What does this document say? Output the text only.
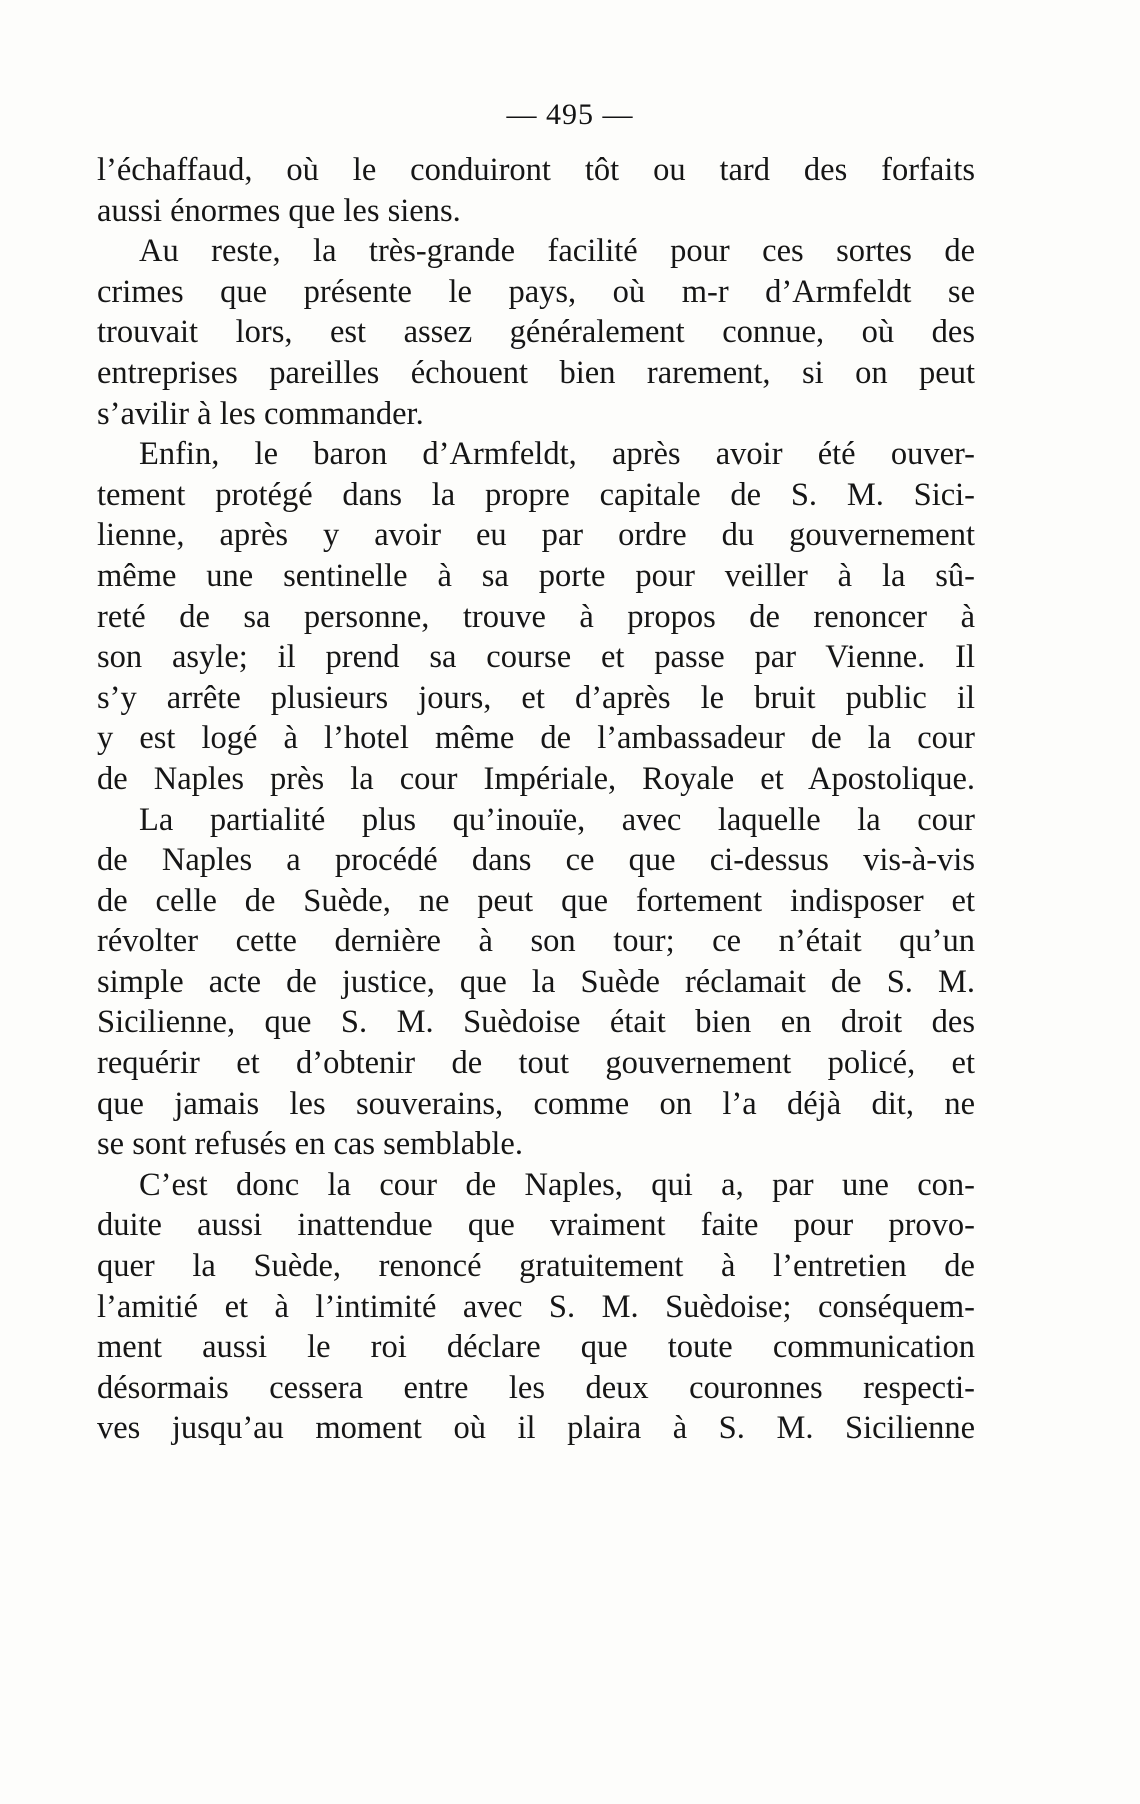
— 495 —
l’échaffaud, où le conduiront tôt ou tard des forfaits
aussi énormes que les siens.
Au reste, la très-grande facilité pour ces sortes de
crimes que présente le pays, où m-r d’Armfeldt se
trouvait lors, est assez généralement connue, où des
entreprises pareilles échouent bien rarement, si on peut
s’avilir à les commander.
Enfin, le baron d’Armfeldt, après avoir été ouver-
tement protégé dans la propre capitale de S. M. Sici-
lienne, après y avoir eu par ordre du gouvernement
même une sentinelle à sa porte pour veiller à la sû-
reté de sa personne, trouve à propos de renoncer à
son asyle; il prend sa course et passe par Vienne. Il
s’y arrête plusieurs jours, et d’après le bruit public il
y est logé à l’hotel même de l’ambassadeur de la cour
de Naples près la cour Impériale, Royale et Apostolique.
La partialité plus qu’inouïe, avec laquelle la cour
de Naples a procédé dans ce que ci-dessus vis-à-vis
de celle de Suède, ne peut que fortement indisposer et
révolter cette dernière à son tour; ce n’était qu’un
simple acte de justice, que la Suède réclamait de S. M.
Sicilienne, que S. M. Suèdoise était bien en droit des
requérir et d’obtenir de tout gouvernement policé, et
que jamais les souverains, comme on l’a déjà dit, ne
se sont refusés en cas semblable.
C’est donc la cour de Naples, qui a, par une con-
duite aussi inattendue que vraiment faite pour provo-
quer la Suède, renoncé gratuitement à l’entretien de
l’amitié et à l’intimité avec S. M. Suèdoise; conséquem-
ment aussi le roi déclare que toute communication
désormais cessera entre les deux couronnes respecti-
ves jusqu’au moment où il plaira à S. M. Sicilienne
